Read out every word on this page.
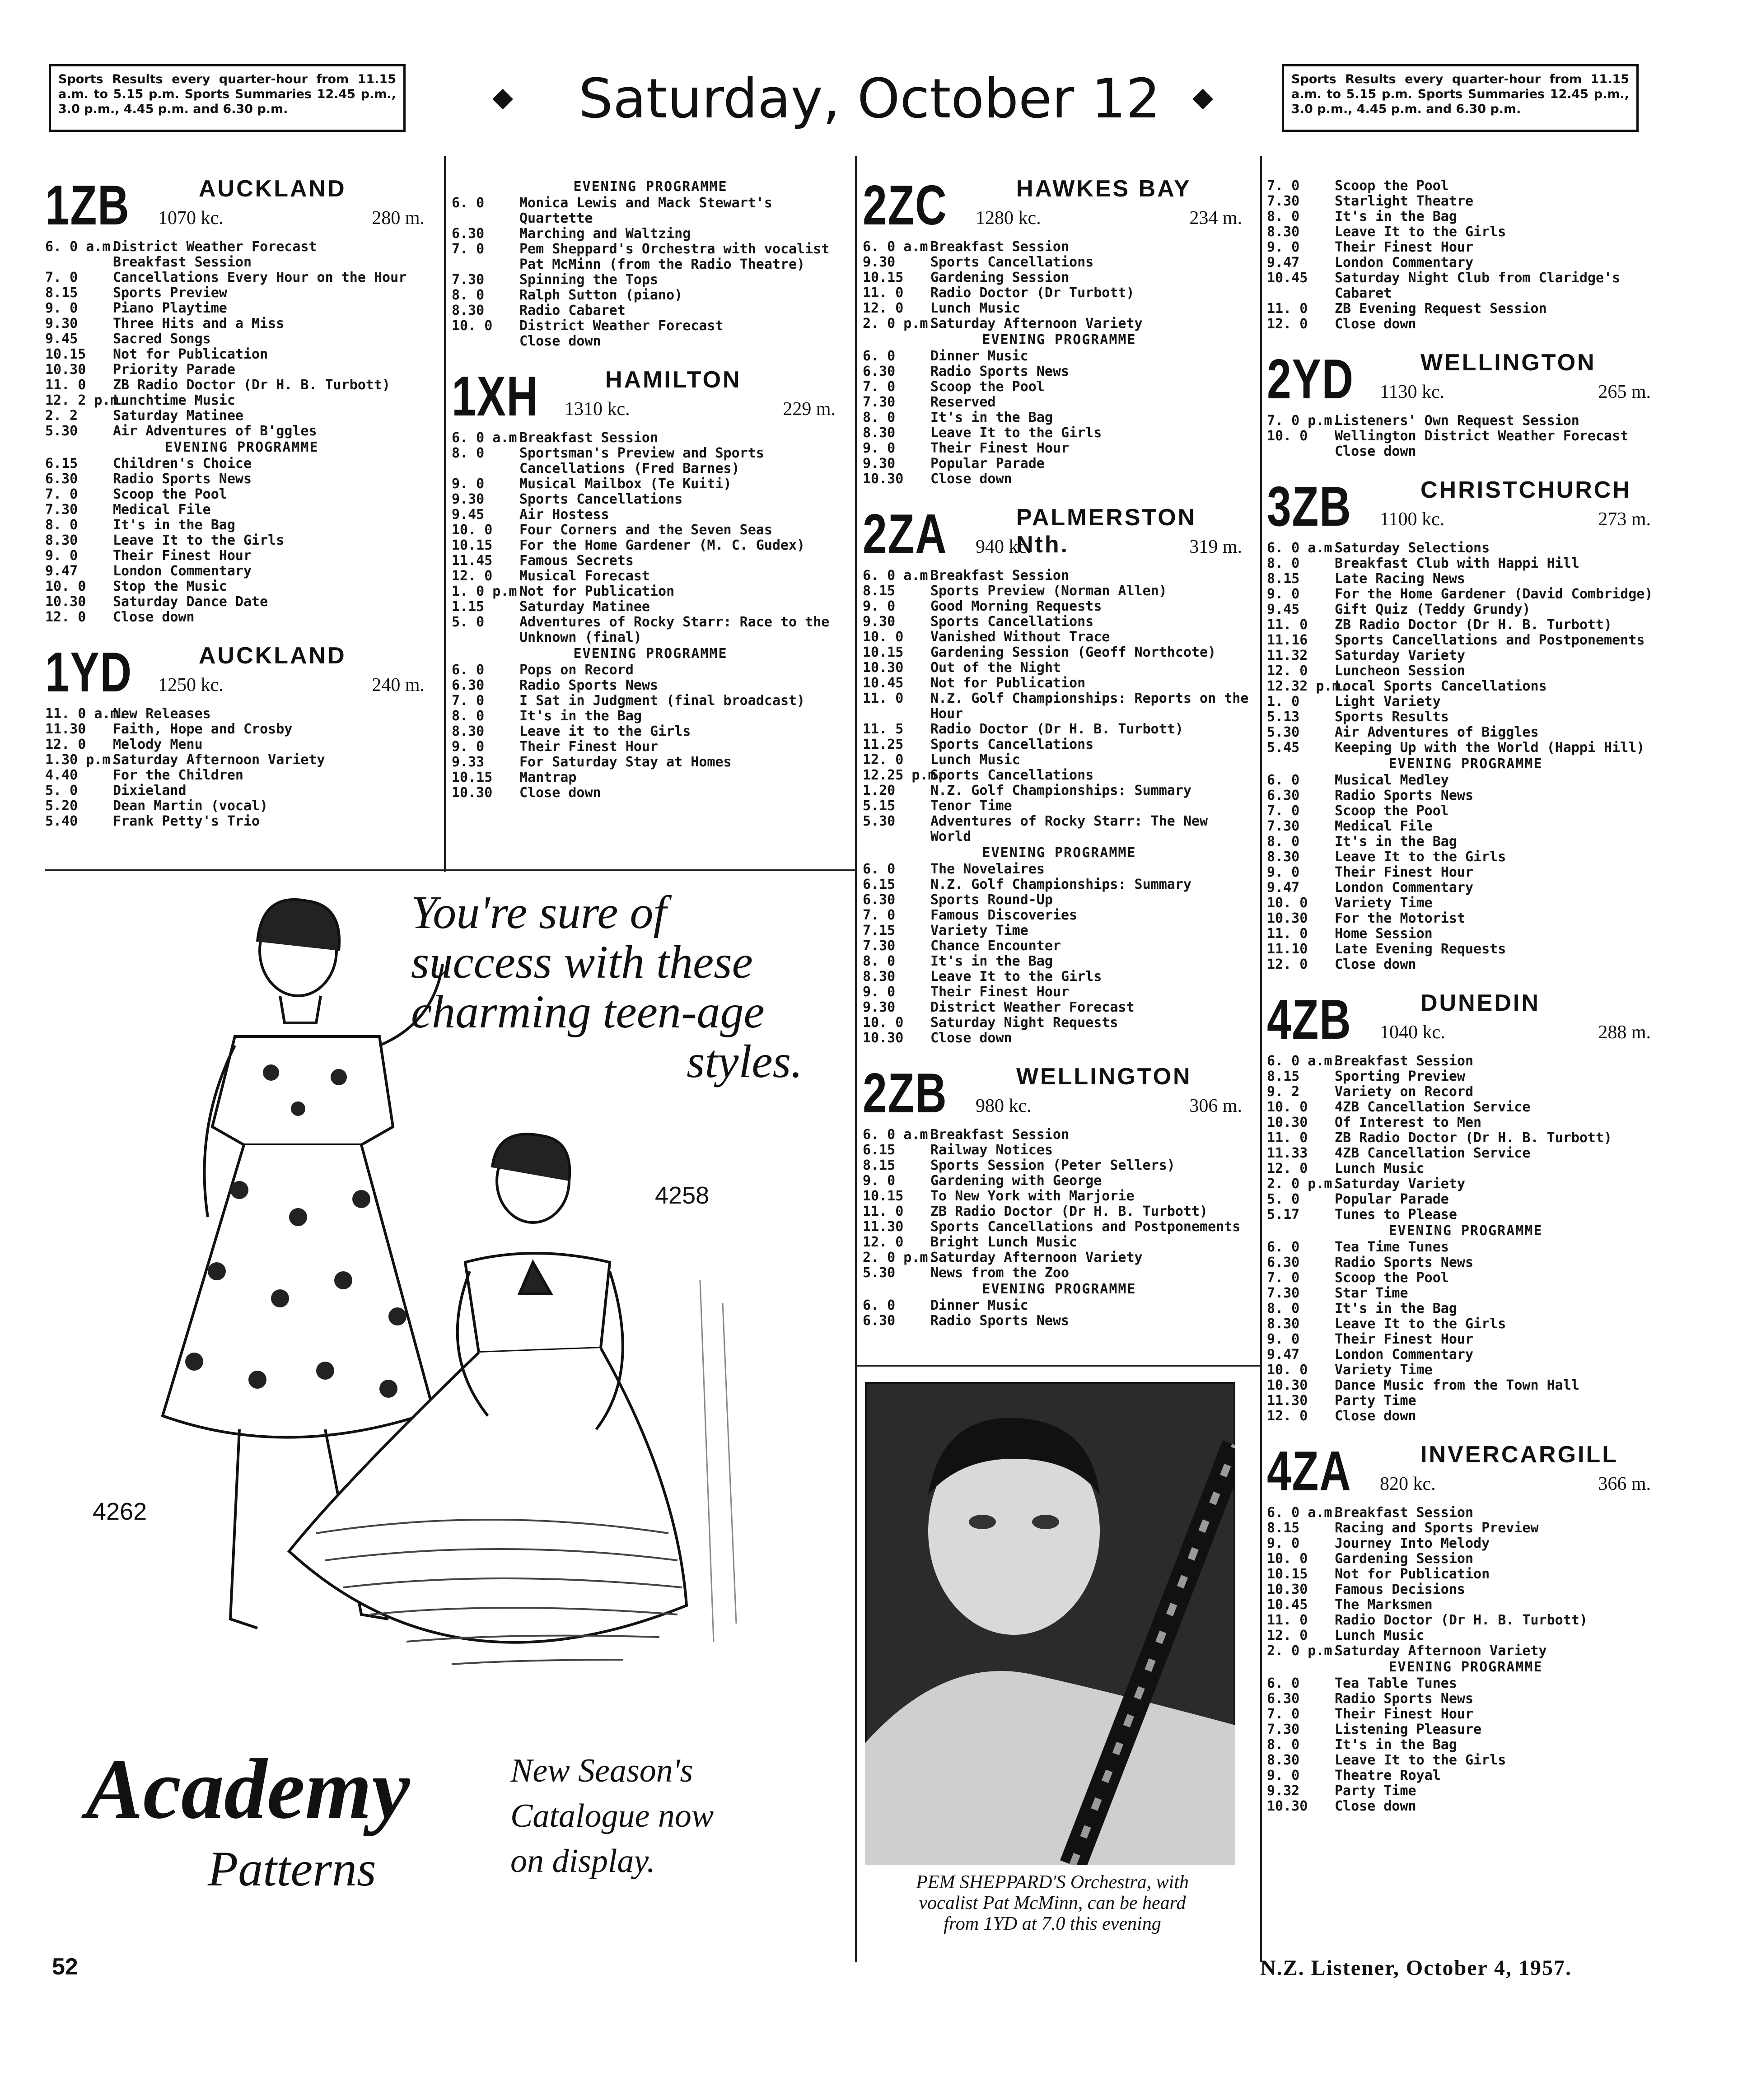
Sports Results every quarter-hour from 11.15 a.m. to 5.15 p.m. Sports Summaries 12.45 p.m., 3.0 p.m., 4.45 p.m. and 6.30 p.m.	◆	Saturday, October 12	◆
Sports Results every quarter-hour from 11.15 a.m. to 5.15 p.m. Sports Summaries 12.45 p.m., 3.0 p.m., 4.45 p.m. and 6.30 p.m.
1ZB	AUCKLAND
1070 kc.	280 m.
6. 0 a.m.
District Weather Forecast
Breakfast Session
7. 0	Cancellations Every Hour on the Hour
8.15	Sports Preview
9. 0	Piano Playtime
9.30	Three Hits and a Miss
9.45	Sacred Songs
10.15 Not for Publication
10.30 Priority Parade
11. 0 ZB Radio Doctor (Dr H. B. Turbott)
12. 2 p.m.
Lunchtime Music
2. 2	Saturday Matinee
5.30	Air Adventures of B'ggles
EVENING PROGRAMME
6.15	Children's Choice
6.30	Radio Sports News
7. 0	Scoop the Pool
7.30	Medical File
8. 0	It's in the Bag
8.30	Leave It to the Girls
9. 0	Their Finest Hour
9.47	London Commentary
10. 0 Stop the Music
10.30 Saturday Dance Date
12. 0 Close down
1YD	AUCKLAND
1250 kc.	240 m.
11. 0 a.m.
New Releases
11.30 Faith, Hope and Crosby
12. 0 Melody Menu
1.30 p.m.
Saturday Afternoon Variety
4.40	For the Children
5. 0	Dixieland
5.20	Dean Martin (vocal)
5.40	Frank Petty's Trio
EVENING PROGRAMME
6. 0	Monica Lewis and Mack Stewart's Quartette
6.30	Marching and Waltzing
7. 0	Pem Sheppard's Orchestra with vocalist Pat McMinn (from the Radio Theatre)
7.30	Spinning the Tops
8. 0	Ralph Sutton (piano)
8.30	Radio Cabaret
10. 0 District Weather Forecast
Close down
1XH	HAMILTON
1310 kc.	229 m.
6. 0 a.m.
Breakfast Session
8. 0	Sportsman's Preview and Sports Cancellations (Fred Barnes)
9. 0	Musical Mailbox (Te Kuiti)
9.30	Sports Cancellations
9.45	Air Hostess
10. 0 Four Corners and the Seven Seas
10.15 For the Home Gardener (M. C. Gudex)
11.45 Famous Secrets
12. 0 Musical Forecast
1. 0 p.m.
Not for Publication
1.15	Saturday Matinee
5. 0	Adventures of Rocky Starr: Race to the Unknown (final)
EVENING PROGRAMME
6. 0	Pops on Record
6.30	Radio Sports News
7. 0	I Sat in Judgment (final broadcast)
8. 0	It's in the Bag
8.30	Leave it to the Girls
9. 0	Their Finest Hour
9.33	For Saturday Stay at Homes
10.15 Mantrap
10.30 Close down
2ZC	HAWKES BAY
1280 kc.	234 m.
6. 0 a.m.
Breakfast Session
9.30	Sports Cancellations
10.15 Gardening Session
11. 0 Radio Doctor (Dr Turbott)
12. 0 Lunch Music
2. 0 p.m.
Saturday Afternoon Variety
EVENING PROGRAMME
6. 0	Dinner Music
6.30	Radio Sports News
7. 0	Scoop the Pool
7.30	Reserved
8. 0	It's in the Bag
8.30	Leave It to the Girls
9. 0	Their Finest Hour
9.30	Popular Parade
10.30 Close down
2ZA	PALMERSTON Nth.
940 kc.	319 m.
6. 0 a.m.
Breakfast Session
8.15	Sports Preview (Norman Allen)
9. 0	Good Morning Requests
9.30	Sports Cancellations
10. 0 Vanished Without Trace
10.15 Gardening Session (Geoff Northcote)
10.30 Out of the Night
10.45 Not for Publication
11. 0 N.Z. Golf Championships: Reports on the Hour
11. 5 Radio Doctor (Dr H. B. Turbott)
11.25 Sports Cancellations
12. 0 Lunch Music
12.25 p.m.
Sports Cancellations
1.20	N.Z. Golf Championships: Summary
5.15	Tenor Time
5.30	Adventures of Rocky Starr: The New World
EVENING PROGRAMME
6. 0	The Novelaires
6.15	N.Z. Golf Championships: Summary
6.30	Sports Round-Up
7. 0	Famous Discoveries
7.15	Variety Time
7.30	Chance Encounter
8. 0	It's in the Bag
8.30	Leave It to the Girls
9. 0	Their Finest Hour
9.30	District Weather Forecast
10. 0 Saturday Night Requests
10.30 Close down
2ZB	WELLINGTON
980 kc.	306 m.
6. 0 a.m.
Breakfast Session
6.15	Railway Notices
8.15	Sports Session (Peter Sellers)
9. 0	Gardening with George
10.15 To New York with Marjorie
11. 0 ZB Radio Doctor (Dr H. B. Turbott)
11.30 Sports Cancellations and Postponements
12. 0 Bright Lunch Music
2. 0 p.m.
Saturday Afternoon Variety
5.30	News from the Zoo
EVENING PROGRAMME
6. 0	Dinner Music
6.30	Radio Sports News
7. 0	Scoop the Pool
7.30	Starlight Theatre
8. 0	It's in the Bag
8.30	Leave It to the Girls
9. 0	Their Finest Hour
9.47	London Commentary
10.45 Saturday Night Club from Claridge's Cabaret
11. 0 ZB Evening Request Session
12. 0 Close down
2YD	WELLINGTON
1130 kc.	265 m.
7. 0 p.m.
Listeners' Own Request Session
10. 0 Wellington District Weather Forecast
Close down
3ZB	CHRISTCHURCH
1100 kc.	273 m.
6. 0 a.m.
Saturday Selections
8. 0	Breakfast Club with Happi Hill
8.15	Late Racing News
9. 0	For the Home Gardener (David Combridge)
9.45	Gift Quiz (Teddy Grundy)
11. 0 ZB Radio Doctor (Dr H. B. Turbott)
11.16 Sports Cancellations and Postponements
11.32 Saturday Variety
12. 0 Luncheon Session
12.32 p.m.
Local Sports Cancellations
1. 0	Light Variety
5.13	Sports Results
5.30	Air Adventures of Biggles
5.45	Keeping Up with the World (Happi Hill)
EVENING PROGRAMME
6. 0	Musical Medley
6.30	Radio Sports News
7. 0	Scoop the Pool
7.30	Medical File
8. 0	It's in the Bag
8.30	Leave It to the Girls
9. 0	Their Finest Hour
9.47	London Commentary
10. 0 Variety Time
10.30 For the Motorist
11. 0 Home Session
11.10 Late Evening Requests
12. 0 Close down
4ZB	DUNEDIN
1040 kc.	288 m.
6. 0 a.m.
Breakfast Session
8.15	Sporting Preview
9. 2	Variety on Record
10. 0 4ZB Cancellation Service
10.30 Of Interest to Men
11. 0 ZB Radio Doctor (Dr H. B. Turbott)
11.33 4ZB Cancellation Service
12. 0 Lunch Music
2. 0 p.m.
Saturday Variety
5. 0	Popular Parade
5.17	Tunes to Please
EVENING PROGRAMME
6. 0	Tea Time Tunes
6.30	Radio Sports News
7. 0	Scoop the Pool
7.30	Star Time
8. 0	It's in the Bag
8.30	Leave It to the Girls
9. 0	Their Finest Hour
9.47	London Commentary
10. 0 Variety Time
10.30 Dance Music from the Town Hall
11.30 Party Time
12. 0 Close down
4ZA	INVERCARGILL
820 kc.	366 m.
6. 0 a.m.
Breakfast Session
8.15	Racing and Sports Preview
9. 0	Journey Into Melody
10. 0 Gardening Session
10.15 Not for Publication
10.30 Famous Decisions
10.45 The Marksmen
11. 0 Radio Doctor (Dr H. B. Turbott)
12. 0 Lunch Music
2. 0 p.m.
Saturday Afternoon Variety
EVENING PROGRAMME
6. 0	Tea Table Tunes
6.30	Radio Sports News
7. 0	Their Finest Hour
7.30	Listening Pleasure
8. 0	It's in the Bag
8.30	Leave It to the Girls
9. 0	Theatre Royal
9.32	Party Time
10.30 Close down
You're sure of
success with these
charming teen-age
styles.
4258
4262
Academy
Patterns
New Season's
Catalogue now
on display.
PEM SHEPPARD'S Orchestra, with
vocalist Pat McMinn, can be heard
from 1YD at 7.0 this evening
52	N.Z. Listener, October 4, 1957.
